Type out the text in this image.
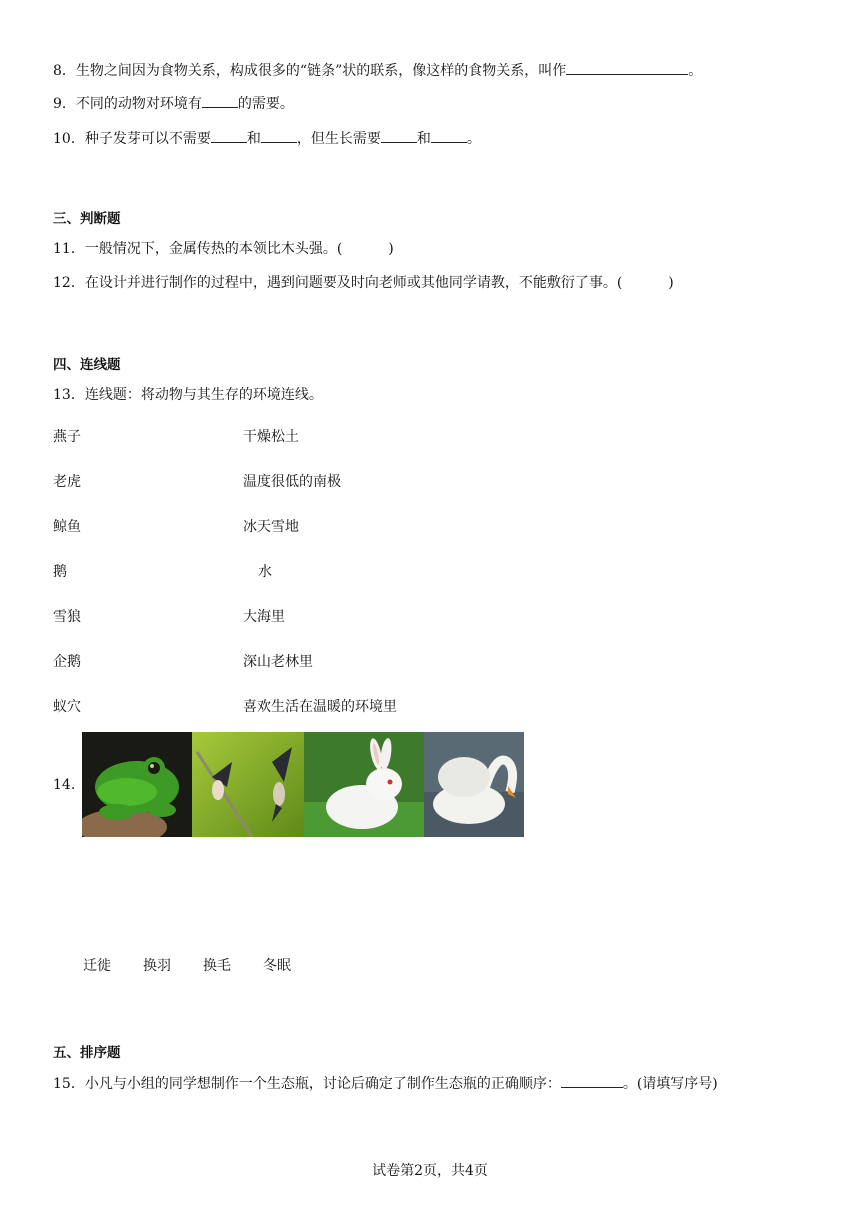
8．生物之间因为食物关系，构成很多的“链条”状的联系，像这样的食物关系，叫作	。
9．不同的动物对环境有	的需要。
10．种子发芽可以不需要	和	，但生长需要	和	。
三、判断题
11．一般情况下，金属传热的本领比木头强。(	)
12．在设计并进行制作的过程中，遇到问题要及时向老师或其他同学请教，不能敷衍了事。(	)
四、连线题
13．连线题：将动物与其生存的环境连线。
燕子	干燥松土
老虎	温度很低的南极
鲸鱼	冰天雪地
鹅	水
雪狼	大海里
企鹅	深山老林里
蚁穴	喜欢生活在温暖的环境里
14.
迁徙	换羽	换毛	冬眠
五、排序题
15．小凡与小组的同学想制作一个生态瓶，讨论后确定了制作生态瓶的正确顺序：	。(请填写序号)
试卷第2页，共4页
